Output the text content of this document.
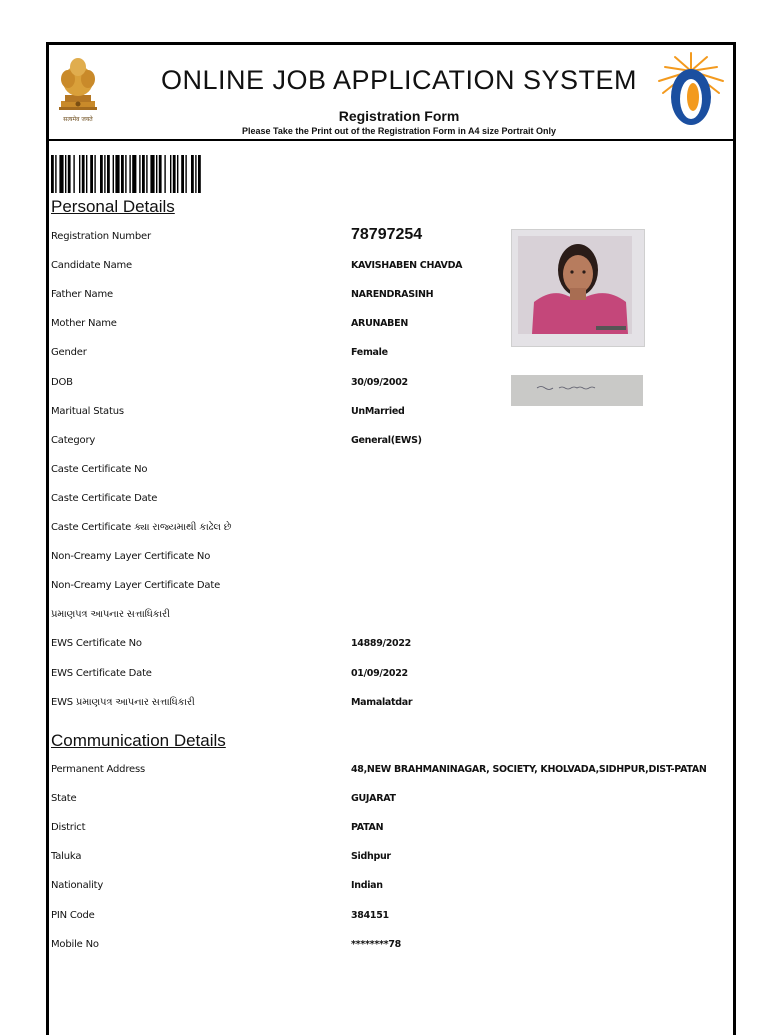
सत्यमेव जयते
ONLINE JOB APPLICATION SYSTEM
Registration Form
Please Take the Print out of the Registration Form in A4 size Portrait Only
Personal Details
Registration Number	78797254
Candidate Name	KAVISHABEN CHAVDA
Father Name	NARENDRASINH
Mother Name	ARUNABEN
Gender	Female
DOB	30/09/2002
Maritual Status	UnMarried
Category	General(EWS)
Caste Certificate No
Caste Certificate Date
Caste Certificate ક્યા રાજ્યમાથી કાઢેલ છે
Non-Creamy Layer Certificate No
Non-Creamy Layer Certificate Date
પ્રમાણપત્ર આપનાર સત્તાધિકારી
EWS Certificate No	14889/2022
EWS Certificate Date	01/09/2022
EWS પ્રમાણપત્ર આપનાર સત્તાધિકારી	Mamalatdar
Communication Details
Permanent Address	48,NEW BRAHMANINAGAR, SOCIETY, KHOLVADA,SIDHPUR,DIST-PATAN
State	GUJARAT
District	PATAN
Taluka	Sidhpur
Nationality	Indian
PIN Code	384151
Mobile No	********78
